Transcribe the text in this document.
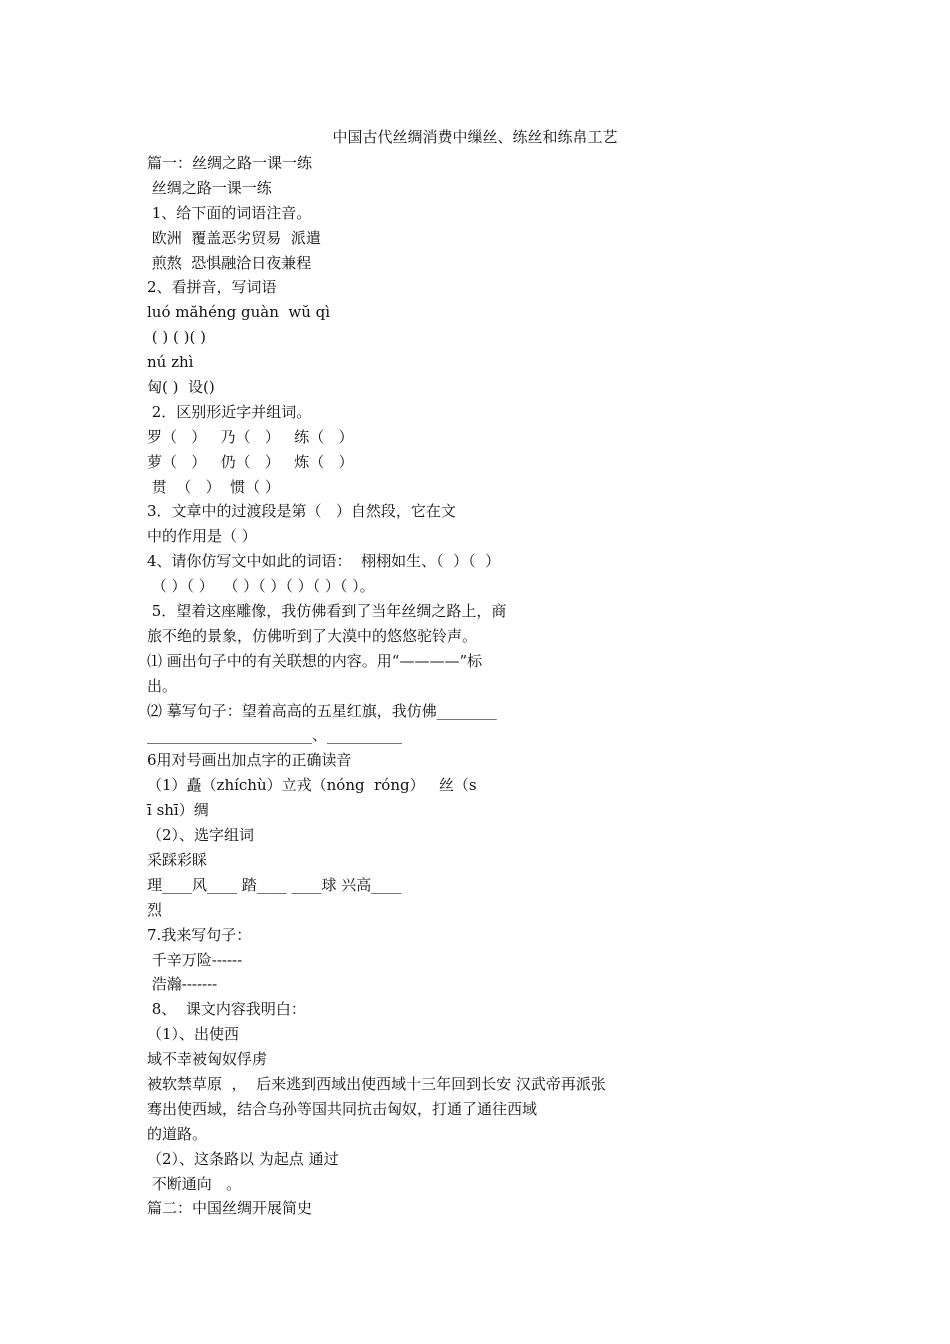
中国古代丝绸消费中缫丝、练丝和练帛工艺
篇一：丝绸之路一课一练
丝绸之路一课一练
1、给下面的词语注音。
欧洲  覆盖恶劣贸易  派遣
煎熬  恐惧融洽日夜兼程
2、看拼音，写词语
luó măhéng guàn  wŭ qì
( ) ( )( )
nú zhì
匈( )  设()
2．区别形近字并组词。
罗（   ）   乃（   ）   练（   ）
萝（   ）   仍（   ）   炼（   ）
贯  （   ）  惯（ ）
3．文章中的过渡段是第（   ）自然段，它在文
中的作用是（ ）
4、请你仿写文中如此的词语：  栩栩如生、（  ）（  ）
（ ）（ ）  （ ）（ ）（ ）（ ）（ ）。
5．望着这座雕像，我仿佛看到了当年丝绸之路上，商
旅不绝的景象，仿佛听到了大漠中的悠悠驼铃声。
⑴ 画出句子中的有关联想的内容。用“————”标
出。
⑵ 摹写句子：望着高高的五星红旗，我仿佛________
______________________、__________
6用对号画出加点字的正确读音
（1）矗（zhíchù）立戎（nóng  róng）   丝（s
ī shī）绸
（2）、选字组词
采踩彩睬
理____风____ 踏____ ____球 兴高____
烈
7.我来写句子：
千辛万险------
浩瀚-------
8、  课文内容我明白：
（1）、出使西
域不幸被匈奴俘虏
被软禁草原  ，  后来逃到西域出使西域十三年回到长安 汉武帝再派张
骞出使西域，结合乌孙等国共同抗击匈奴，打通了通往西域
的道路。
（2）、这条路以 为起点 通过
不断通向   。
篇二：中国丝绸开展简史
